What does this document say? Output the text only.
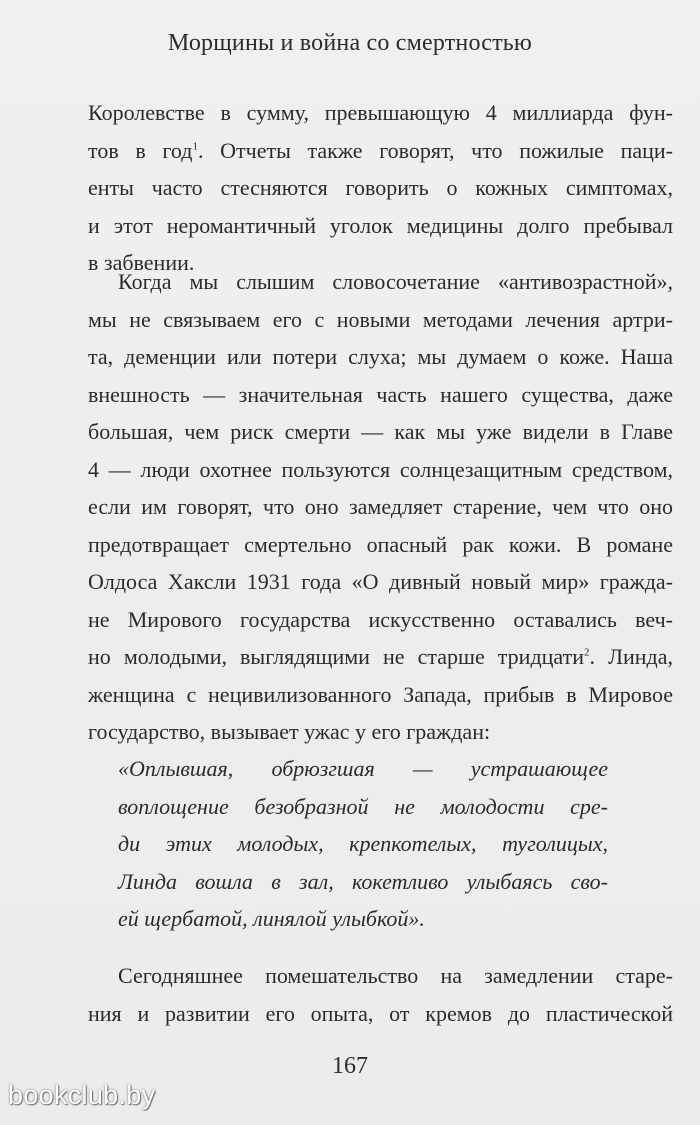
Морщины и война со смертностью
Королевстве в сумму, превышающую 4 миллиарда фун-
тов в год$^1$. Отчеты также говорят, что пожилые паци-
енты часто стесняются говорить о кожных симптомах,
и этот неромантичный уголок медицины долго пребывал
в забвении.
Когда мы слышим словосочетание «антивозрастной»,
мы не связываем его с новыми методами лечения артри-
та, деменции или потери слуха; мы думаем о коже. Наша
внешность — значительная часть нашего существа, даже
большая, чем риск смерти — как мы уже видели в Главе
4 — люди охотнее пользуются солнцезащитным средством,
если им говорят, что оно замедляет старение, чем что оно
предотвращает смертельно опасный рак кожи. В романе
Олдоса Хаксли 1931 года «О дивный новый мир» гражда-
не Мирового государства искусственно оставались веч-
но молодыми, выглядящими не старше тридцати$^2$. Линда,
женщина с нецивилизованного Запада, прибыв в Мировое
государство, вызывает ужас у его граждан:
«Оплывшая, обрюзгшая — устрашающее
воплощение безобразной не молодости сре-
ди этих молодых, крепкотелых, туголицых,
Линда вошла в зал, кокетливо улыбаясь сво-
ей щербатой, линялой улыбкой».
Сегодняшнее помешательство на замедлении старе-
ния и развитии его опыта, от кремов до пластической
167
bookclub.by
